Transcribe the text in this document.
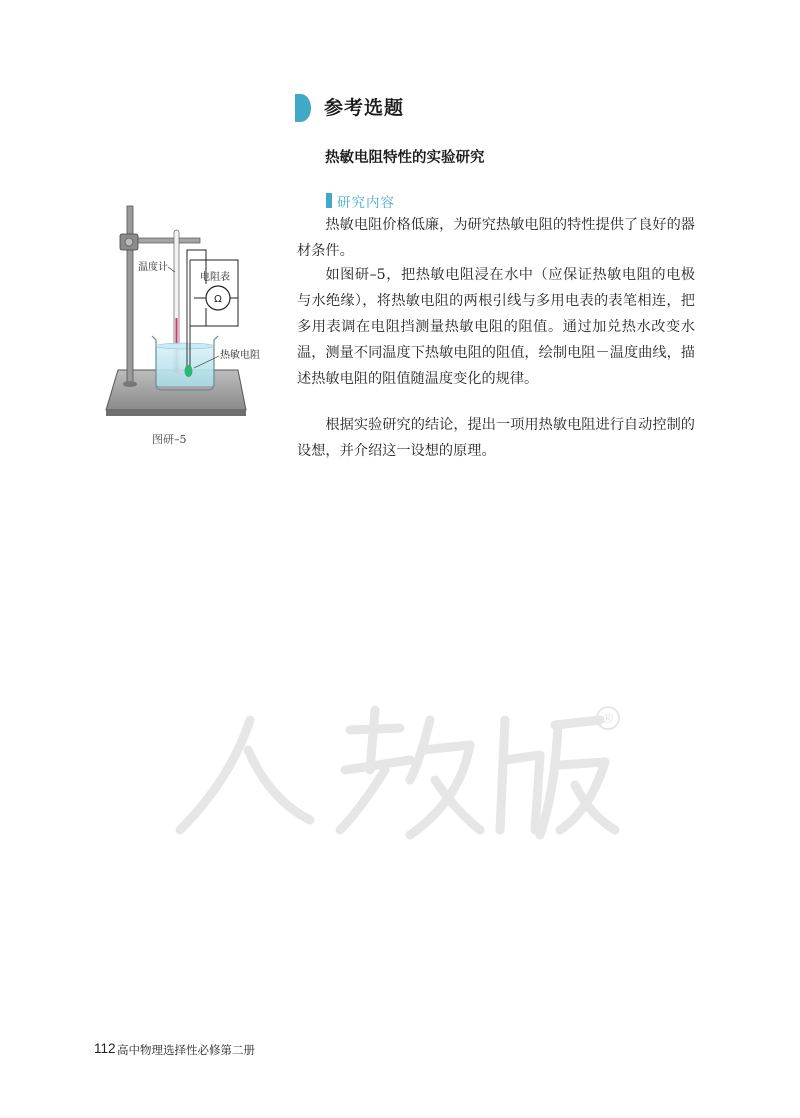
参考选题
热敏电阻特性的实验研究
研究内容

热敏电阻价格低廉，为研究热敏电阻的特性提供了良好的器材条件。

如图研–5，把热敏电阻浸在水中（应保证热敏电阻的电极与水绝缘），将热敏电阻的两根引线与多用电表的表笔相连，把多用表调在电阻挡测量热敏电阻的阻值。通过加兑热水改变水温，测量不同温度下热敏电阻的阻值，绘制电阻－温度曲线，描述热敏电阻的阻值随温度变化的规律。

根据实验研究的结论，提出一项用热敏电阻进行自动控制的设想，并介绍这一设想的原理。

Ω
温度计
电阻表
热敏电阻
图研–5
®
112 高中物理选择性必修第二册
